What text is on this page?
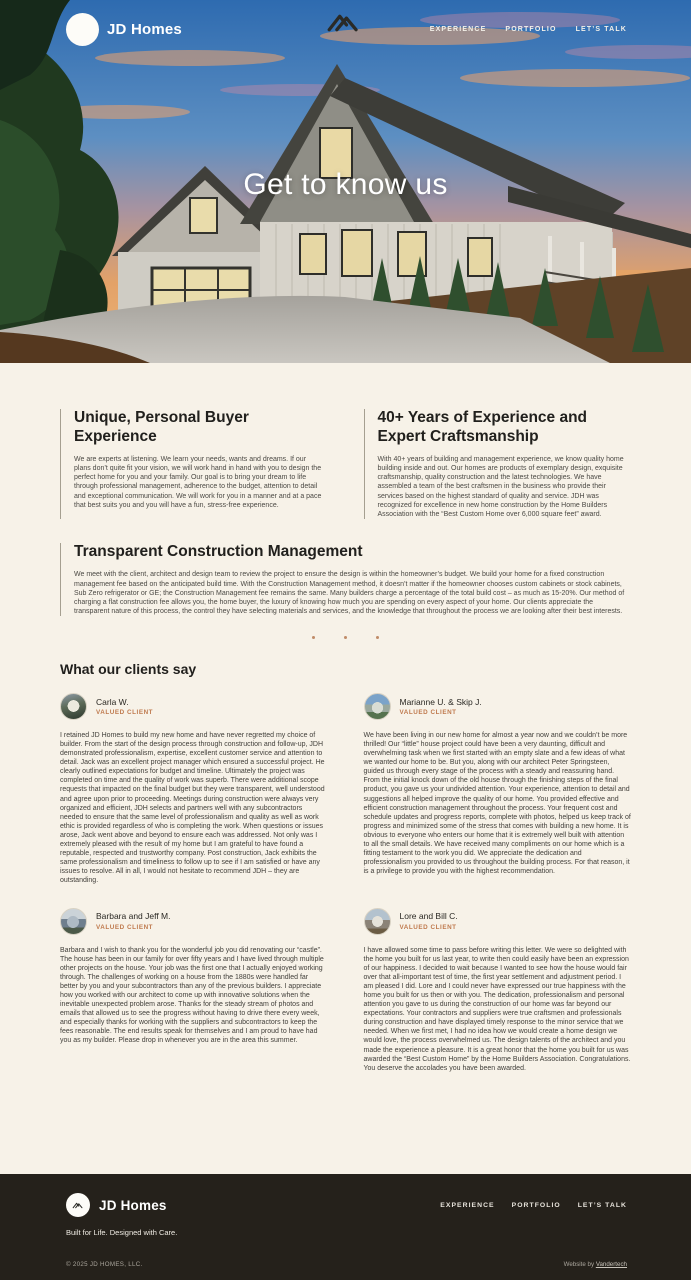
JD Homes	EXPERIENCE	PORTFOLIO	LET’S TALK
Get to know us
Unique, Personal Buyer Experience

We are experts at listening. We learn your needs, wants and dreams. If our plans don’t quite fit your vision, we will work hand in hand with you to design the perfect home for you and your family. Our goal is to bring your dream to life through professional management, adherence to the budget, attention to detail and exceptional communication. We will work for you in a manner and at a pace that best suits you and you will have a fun, stress-free experience.

40+ Years of Experience and Expert Craftsmanship

With 40+ years of building and management experience, we know quality home building inside and out. Our homes are products of exemplary design, exquisite craftsmanship, quality construction and the latest technologies. We have assembled a team of the best craftsmen in the business who provide their services based on the highest standard of quality and service. JDH was recognized for excellence in new home construction by the Home Builders Association with the “Best Custom Home over 6,000 square feet” award.

Transparent Construction Management

We meet with the client, architect and design team to review the project to ensure the design is within the homeowner’s budget. We build your home for a fixed construction management fee based on the anticipated build time. With the Construction Management method, it doesn’t matter if the homeowner chooses custom cabinets or stock cabinets, Sub Zero refrigerator or GE; the Construction Management fee remains the same. Many builders charge a percentage of the total build cost – as much as 15-20%. Our method of charging a flat construction fee allows you, the home buyer, the luxury of knowing how much you are spending on every aspect of your home. Our clients appreciate the transparent nature of this process, the control they have selecting materials and services, and the knowledge that throughout the process we are looking after their best interests.

What our clients say
Carla W.
VALUED CLIENT

I retained JD Homes to build my new home and have never regretted my choice of builder. From the start of the design process through construction and follow-up, JDH demonstrated professionalism, expertise, excellent customer service and attention to detail. Jack was an excellent project manager which ensured a successful project. He clearly outlined expectations for budget and timeline. Ultimately the project was completed on time and the quality of work was superb. There were additional scope requests that impacted on the final budget but they were transparent, well understood and agree upon prior to proceeding. Meetings during construction were always very organized and efficient, JDH selects and partners well with any subcontractors needed to ensure that the same level of professionalism and quality as well as work ethic is provided regardless of who is completing the work. When questions or issues arose, Jack went above and beyond to ensure each was addressed. Not only was I extremely pleased with the result of my home but I am grateful to have found a reputable, respected and trustworthy company. Post construction, Jack exhibits the same professionalism and timeliness to follow up to see if I am satisfied or have any issues to resolve. All in all, I would not hesitate to recommend JDH – they are outstanding.

Marianne U. & Skip J.
VALUED CLIENT

We have been living in our new home for almost a year now and we couldn’t be more thrilled! Our “little” house project could have been a very daunting, difficult and overwhelming task when we first started with an empty slate and a few ideas of what we wanted our home to be. But you, along with our architect Peter Springsteen, guided us through every stage of the process with a steady and reassuring hand. From the initial knock down of the old house through the finishing steps of the final product, you gave us your undivided attention. Your experience, attention to detail and suggestions all helped improve the quality of our home. You provided effective and efficient construction management throughout the process. Your frequent cost and schedule updates and progress reports, complete with photos, helped us keep track of progress and minimized some of the stress that comes with building a new home. It is obvious to everyone who enters our home that it is extremely well built with attention to all the small details. We have received many compliments on our home which is a fitting testament to the work you did. We appreciate the dedication and professionalism you provided to us throughout the building process. For that reason, it is a privilege to provide you with the highest recommendation.

Barbara and Jeff M.
VALUED CLIENT

Barbara and I wish to thank you for the wonderful job you did renovating our “castle”. The house has been in our family for over fifty years and I have lived through multiple other projects on the house. Your job was the first one that I actually enjoyed working through. The challenges of working on a house from the 1880s were handled far better by you and your subcontractors than any of the previous builders. I appreciate how you worked with our architect to come up with innovative solutions when the inevitable unexpected problem arose. Thanks for the steady stream of photos and emails that allowed us to see the progress without having to drive there every week, and especially thanks for working with the suppliers and subcontractors to keep the fees reasonable. The end results speak for themselves and I am proud to have had you as my builder. Please drop in whenever you are in the area this summer.

Lore and Bill C.
VALUED CLIENT

I have allowed some time to pass before writing this letter. We were so delighted with the home you built for us last year, to write then could easily have been an expression of our happiness. I decided to wait because I wanted to see how the house would fair over that all-important test of time, the first year settlement and adjustment period. I am pleased I did. Lore and I could never have expressed our true happiness with the home you built for us then or with you. The dedication, professionalism and personal attention you gave to us during the construction of our home was far beyond our expectations. Your contractors and suppliers were true craftsmen and professionals during construction and have displayed timely response to the minor service that we needed. When we first met, I had no idea how we would create a home design we would love, the process overwhelmed us. The design talents of the architect and you made the experience a pleasure. It is a great honor that the home you built for us was awarded the “Best Custom Home” by the Home Builders Association. Congratulations. You deserve the accolades you have been awarded.

JD Homes	EXPERIENCE	PORTFOLIO	LET’S TALK
Built for Life. Designed with Care.
© 2025 JD HOMES, LLC.	Website by Vandertech
